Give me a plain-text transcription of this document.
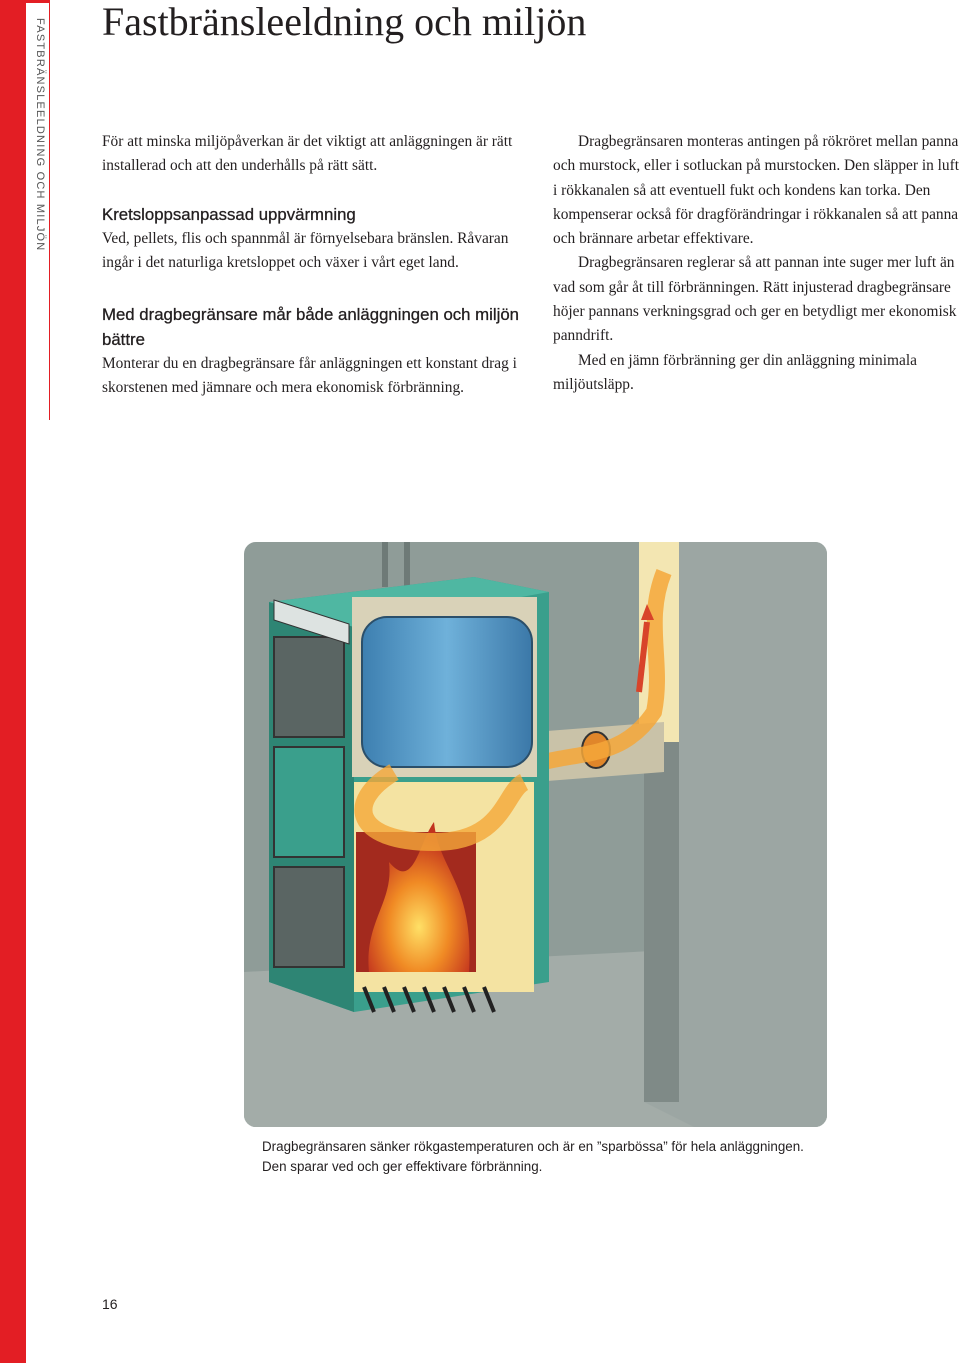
FASTBRÄNSLEELDNING OCH MILJÖN Fastbränsleeldning och miljön

För att minska miljöpåverkan är det viktigt att anläggningen är rätt installerad och att den underhålls på rätt sätt.

Kretsloppsanpassad uppvärmning

Ved, pellets, flis och spannmål är förnyelsebara bränslen. Råvaran ingår i det naturliga kretsloppet och växer i vårt eget land.

Med dragbegränsare mår både anläggningen och miljön bättre

Monterar du en dragbegränsare får anläggningen ett konstant drag i skorstenen med jämnare och mera ekonomisk förbränning.

Dragbegränsaren monteras antingen på rökröret mellan panna och murstock, eller i sotluckan på murstocken. Den släpper in luft i rökkanalen så att eventuell fukt och kondens kan torka. Den kompenserar också för dragförändringar i rökkanalen så att panna och brännare arbetar effektivare.

Dragbegränsaren reglerar så att pannan inte suger mer luft än vad som går åt till förbränningen. Rätt injusterad dragbegränsare höjer pannans verkningsgrad och ger en betydligt mer ekonomisk panndrift.

Med en jämn förbränning ger din anläggning minimala miljöutsläpp.

Dragbegränsaren sänker rökgastemperaturen och är en ”sparbössa” för hela anläggningen.

Den sparar ved och ger effektivare förbränning.

16
